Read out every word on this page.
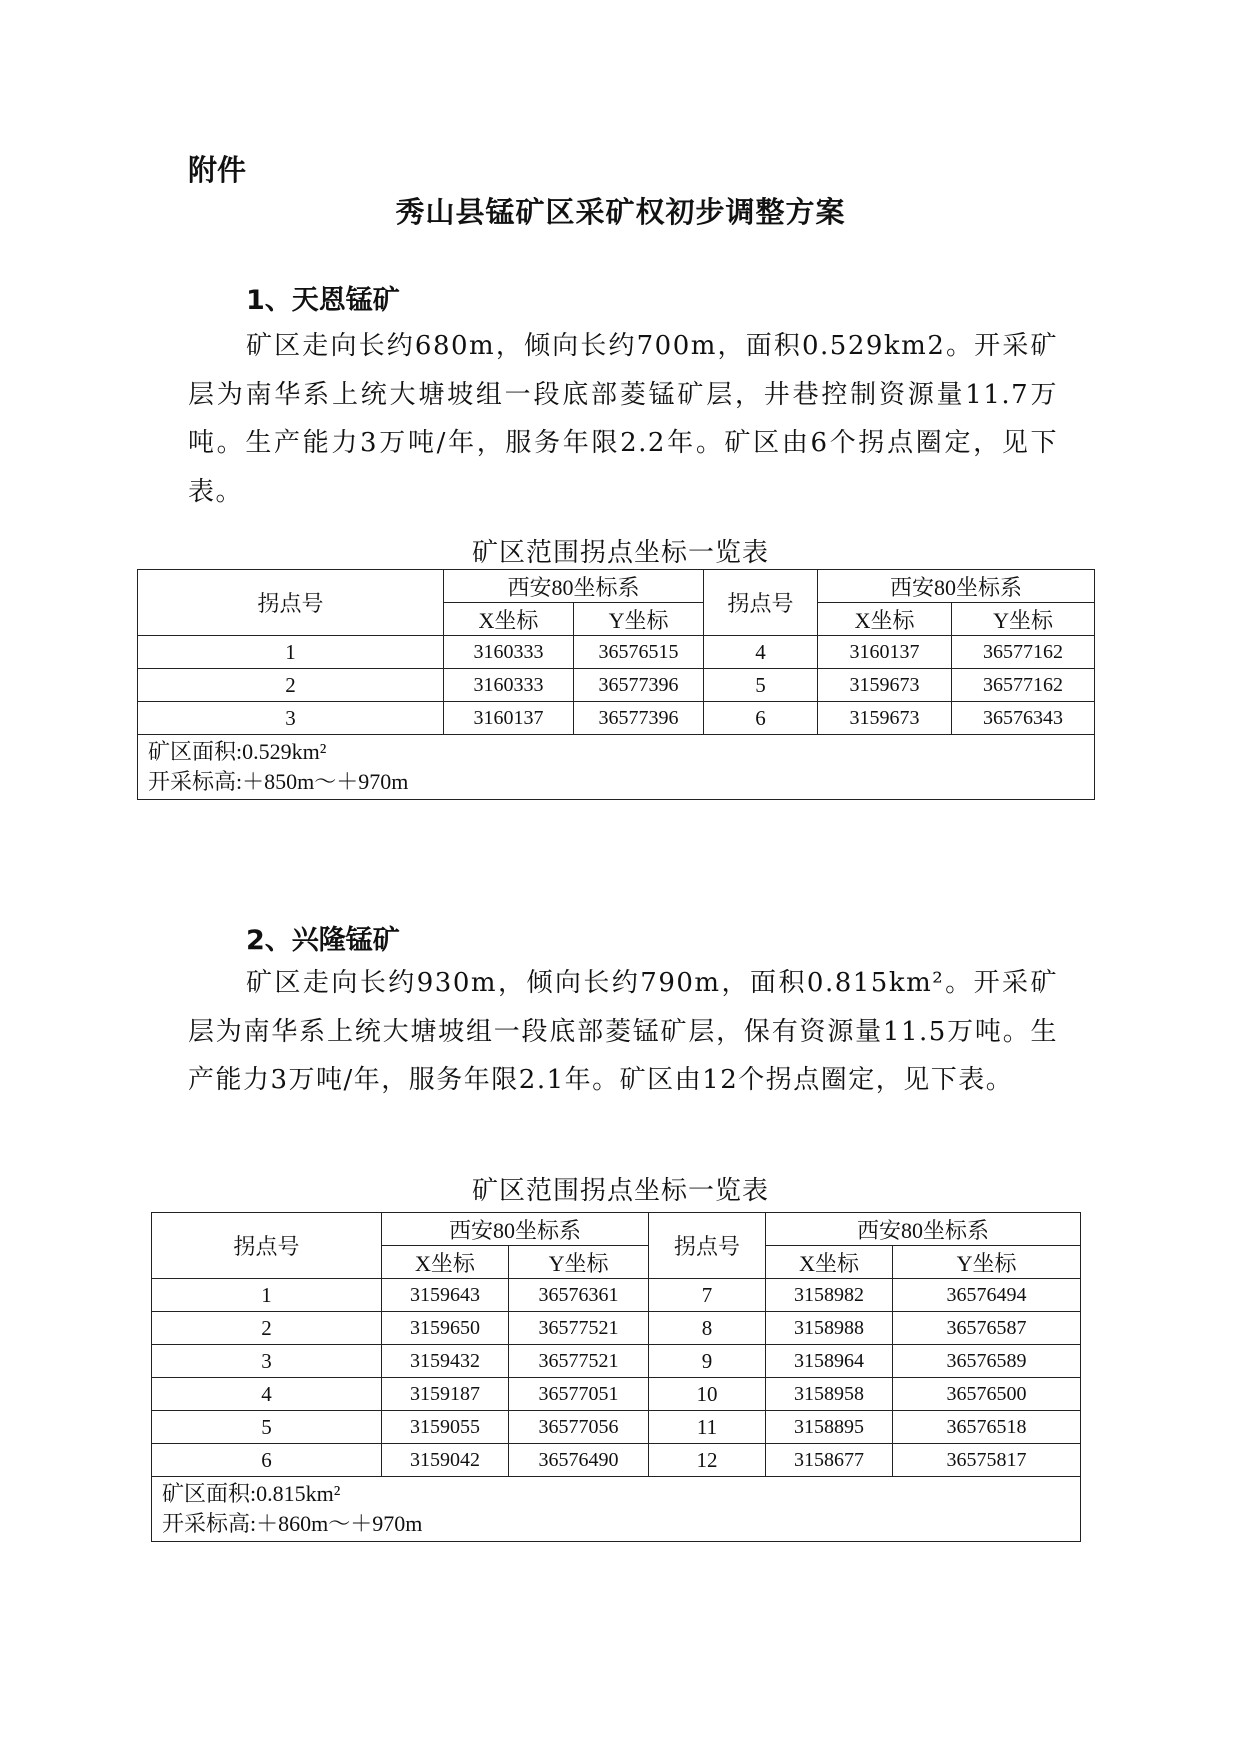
附件
秀山县锰矿区采矿权初步调整方案
1、天恩锰矿
矿区走向长约680m，倾向长约700m，面积0.529km2。开采矿层为南华系上统大塘坡组一段底部菱锰矿层，井巷控制资源量11.7万吨。生产能力3万吨/年，服务年限2.2年。矿区由6个拐点圈定，见下表。
矿区范围拐点坐标一览表
拐点号	西安80坐标系		拐点号	西安80坐标系	
	X坐标	Y坐标		X坐标	Y坐标
1	3160333	36576515	4	3160137	36577162
2	3160333	36577396	5	3159673	36577162
3	3160137	36577396	6	3159673	36576343

矿区面积:0.529km²
开采标高:＋850m～＋970m					
2、兴隆锰矿
矿区走向长约930m，倾向长约790m，面积0.815km²。开采矿层为南华系上统大塘坡组一段底部菱锰矿层，保有资源量11.5万吨。生产能力3万吨/年，服务年限2.1年。矿区由12个拐点圈定，见下表。
矿区范围拐点坐标一览表
拐点号	西安80坐标系		拐点号	西安80坐标系	
	X坐标	Y坐标		X坐标	Y坐标
1	3159643	36576361	7	3158982	36576494
2	3159650	36577521	8	3158988	36576587
3	3159432	36577521	9	3158964	36576589
4	3159187	36577051	10	3158958	36576500
5	3159055	36577056	11	3158895	36576518
6	3159042	36576490	12	3158677	36575817

矿区面积:0.815km²
开采标高:＋860m～＋970m					
